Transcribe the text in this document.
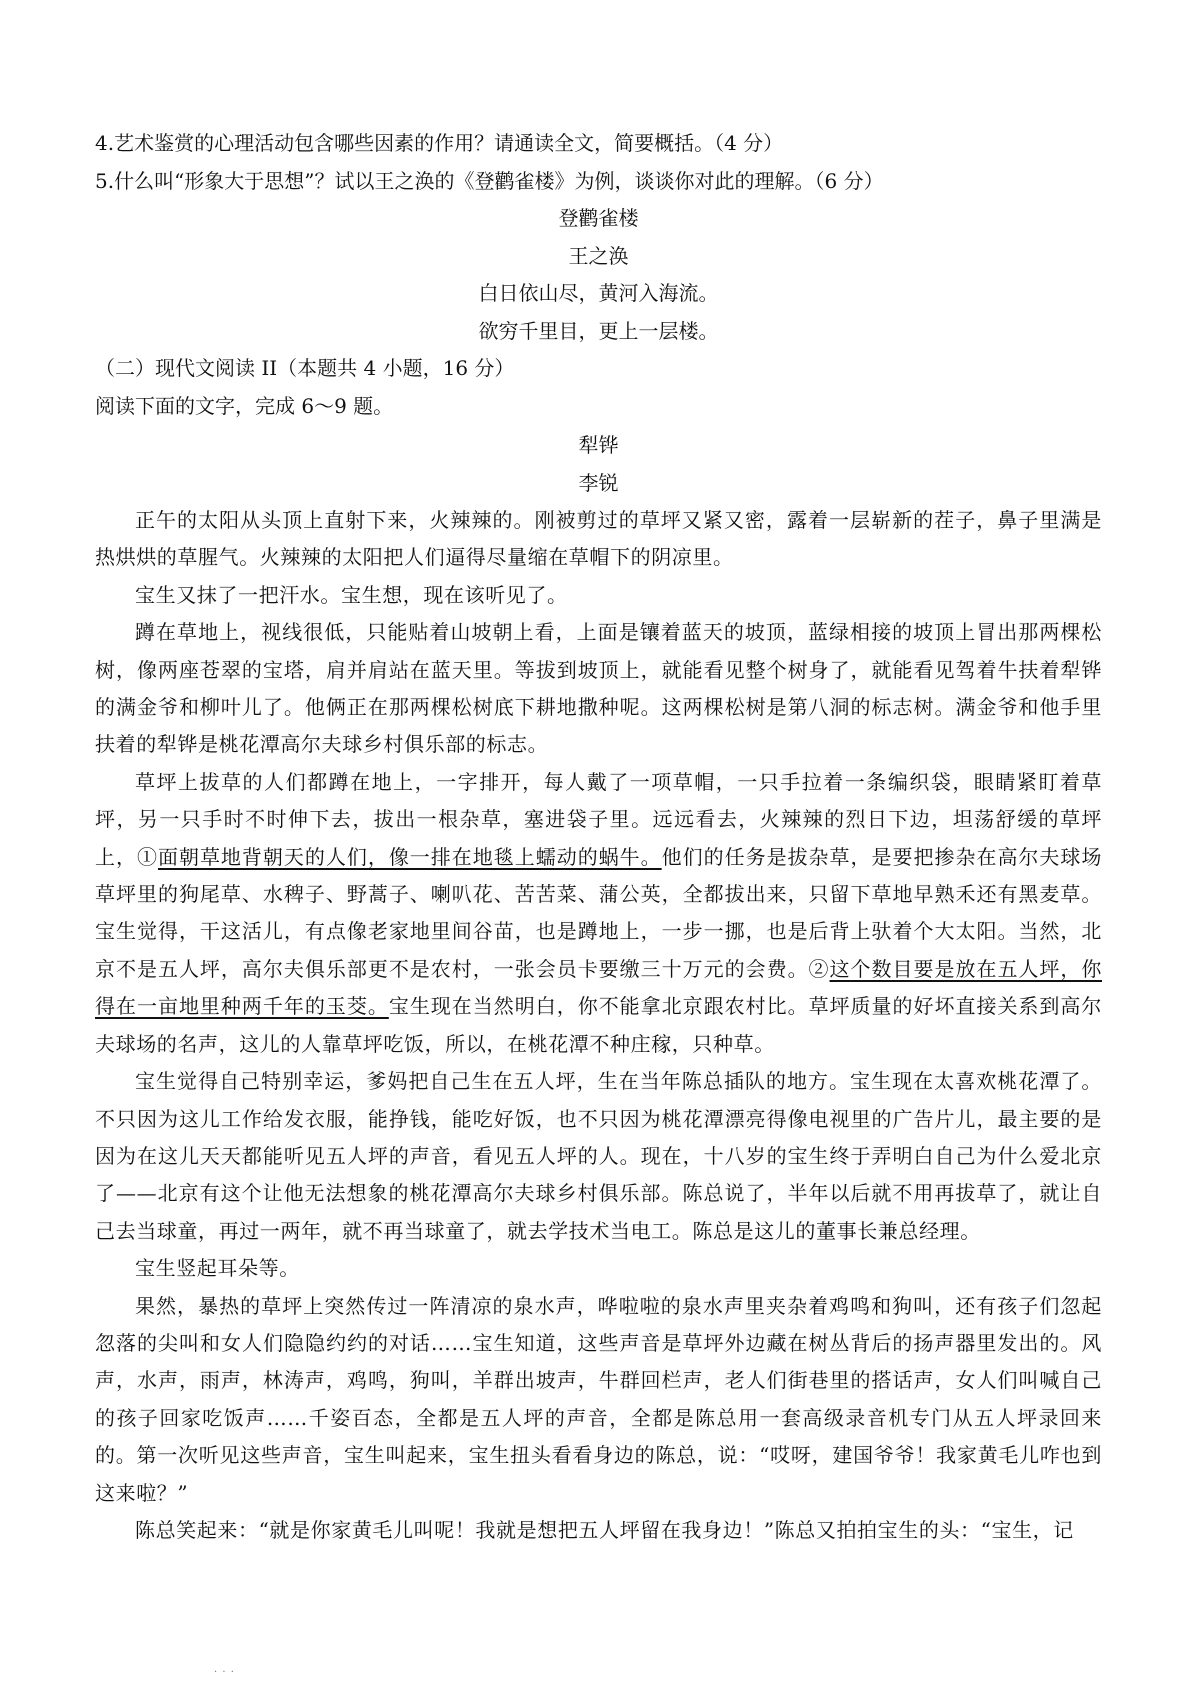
4.艺术鉴赏的心理活动包含哪些因素的作用？请通读全文，简要概括。（4 分）

5.什么叫“形象大于思想”？试以王之涣的《登鹳雀楼》为例，谈谈你对此的理解。（6 分）

登鹳雀楼

王之涣

白日依山尽，黄河入海流。

欲穷千里目，更上一层楼。

（二）现代文阅读 II（本题共 4 小题，16 分）

阅读下面的文字，完成 6～9 题。

犁铧

李锐

正午的太阳从头顶上直射下来，火辣辣的。刚被剪过的草坪又紧又密，露着一层崭新的茬子，鼻子里满是热烘烘的草腥气。火辣辣的太阳把人们逼得尽量缩在草帽下的阴凉里。

宝生又抹了一把汗水。宝生想，现在该听见了。

蹲在草地上，视线很低，只能贴着山坡朝上看，上面是镶着蓝天的坡顶，蓝绿相接的坡顶上冒出那两棵松树，像两座苍翠的宝塔，肩并肩站在蓝天里。等拔到坡顶上，就能看见整个树身了，就能看见驾着牛扶着犁铧的满金爷和柳叶儿了。他俩正在那两棵松树底下耕地撒种呢。这两棵松树是第八洞的标志树。满金爷和他手里扶着的犁铧是桃花潭高尔夫球乡村俱乐部的标志。

草坪上拔草的人们都蹲在地上，一字排开，每人戴了一项草帽，一只手拉着一条编织袋，眼睛紧盯着草坪，另一只手时不时伸下去，拔出一根杂草，塞进袋子里。远远看去，火辣辣的烈日下边，坦荡舒缓的草坪上，①面朝草地背朝天的人们，像一排在地毯上蠕动的蜗牛。他们的任务是拔杂草，是要把掺杂在高尔夫球场草坪里的狗尾草、水稗子、野蒿子、喇叭花、苦苦菜、蒲公英，全都拔出来，只留下草地早熟禾还有黑麦草。宝生觉得，干这活儿，有点像老家地里间谷苗，也是蹲地上，一步一挪，也是后背上驮着个大太阳。当然，北京不是五人坪，高尔夫俱乐部更不是农村，一张会员卡要缴三十万元的会费。②这个数目要是放在五人坪，你得在一亩地里种两千年的玉茭。宝生现在当然明白，你不能拿北京跟农村比。草坪质量的好坏直接关系到高尔夫球场的名声，这儿的人靠草坪吃饭，所以，在桃花潭不种庄稼，只种草。

宝生觉得自己特别幸运，爹妈把自己生在五人坪，生在当年陈总插队的地方。宝生现在太喜欢桃花潭了。不只因为这儿工作给发衣服，能挣钱，能吃好饭，也不只因为桃花潭漂亮得像电视里的广告片儿，最主要的是因为在这儿天天都能听见五人坪的声音，看见五人坪的人。现在，十八岁的宝生终于弄明白自己为什么爱北京了——北京有这个让他无法想象的桃花潭高尔夫球乡村俱乐部。陈总说了，半年以后就不用再拔草了，就让自己去当球童，再过一两年，就不再当球童了，就去学技术当电工。陈总是这儿的董事长兼总经理。

宝生竖起耳朵等。

果然，暴热的草坪上突然传过一阵清凉的泉水声，哗啦啦的泉水声里夹杂着鸡鸣和狗叫，还有孩子们忽起忽落的尖叫和女人们隐隐约约的对话……宝生知道，这些声音是草坪外边藏在树丛背后的扬声器里发出的。风声，水声，雨声，林涛声，鸡鸣，狗叫，羊群出坡声，牛群回栏声，老人们街巷里的搭话声，女人们叫喊自己的孩子回家吃饭声……千姿百态，全都是五人坪的声音，全都是陈总用一套高级录音机专门从五人坪录回来的。第一次听见这些声音，宝生叫起来，宝生扭头看看身边的陈总，说：“哎呀，建国爷爷！我家黄毛儿咋也到这来啦？”

陈总笑起来：“就是你家黄毛儿叫呢！我就是想把五人坪留在我身边！”陈总又拍拍宝生的头：“宝生，记

· · ·
